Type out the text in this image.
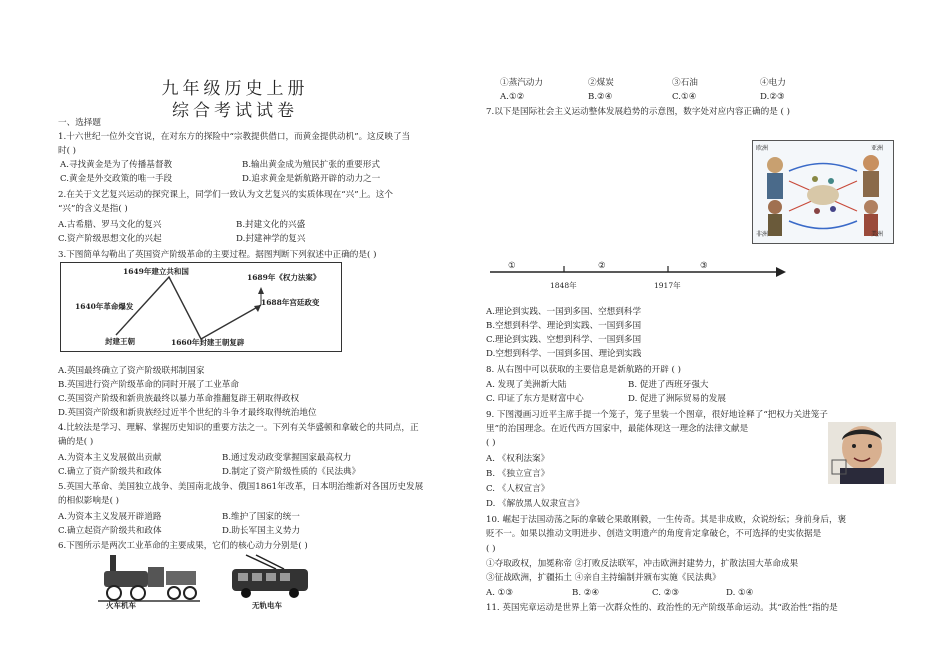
九年级历史上册
综合考试试卷
一、选择题
1.十六世纪一位外交官说，在对东方的探险中“宗教提供借口，而黄金提供动机”。这反映了当
时( )
A.寻找黄金是为了传播基督教	B.输出黄金成为殖民扩张的重要形式
C.黄金是外交政策的唯一手段	D.追求黄金是新航路开辟的动力之一
2.在关于文艺复兴运动的探究课上，同学们一致认为文艺复兴的实质体现在“兴”上。这个
“兴”的含义是指( )
A.古希腊、罗马文化的复兴	B.封建文化的兴盛
C.资产阶级思想文化的兴起	D.封建神学的复兴
3.下图简单勾勒出了英国资产阶级革命的主要过程。据图判断下列叙述中正确的是( )
1649年建立共和国
1689年《权力法案》
1640年革命爆发	1688年宫廷政变
封建王朝	1660年封建王朝复辟
A.英国最终确立了资产阶级联邦制国家
B.英国进行资产阶级革命的同时开展了工业革命
C.英国资产阶级和新贵族最终以暴力革命推翻复辟王朝取得政权
D.英国资产阶级和新贵族经过近半个世纪的斗争才最终取得统治地位
4.比较法是学习、理解、掌握历史知识的重要方法之一。下列有关华盛顿和拿破仑的共同点，正
确的是( )
A.为资本主义发展做出贡献	B.通过发动政变掌握国家最高权力
C.确立了资产阶级共和政体	D.制定了资产阶级性质的《民法典》
5.英国大革命、美国独立战争、美国南北战争、俄国1861年改革，日本明治维新对各国历史发展
的相似影响是( )
A.为资本主义发展开辟道路	B.维护了国家的统一
C.确立起资产阶级共和政体	D.助长军国主义势力
6.下图所示是两次工业革命的主要成果，它们的核心动力分别是( )
火车机车	无轨电车
①蒸汽动力	②煤炭	③石油	④电力
A.①②	B.②④	C.①④	D.②③
7.以下是国际社会主义运动整体发展趋势的示意图，数字处对应内容正确的是 ( )
欧洲	亚洲
非洲	美洲
①	②	③
1848年	1917年
A.理论到实践、一国到多国、空想到科学
B.空想到科学、理论到实践、一国到多国
C.理论到实践、空想到科学、一国到多国
D.空想到科学、一国到多国、理论到实践
8. 从右图中可以获取的主要信息是新航路的开辟 ( )
A. 发现了美洲新大陆	B. 促进了西班牙强大
C. 印证了东方是财富中心	D. 促进了洲际贸易的发展
9. 下图漫画习近平主席手提一个笼子，笼子里装一个图章，很好地诠释了“把权力关进笼子
里”的治国理念。在近代西方国家中，最能体现这一理念的法律文献是
( )
A. 《权利法案》
B. 《独立宣言》
C. 《人权宣言》
D. 《解放黑人奴隶宣言》
10. 崛起于法国动荡之际的拿破仑果敢刚毅，一生传奇。其是非成败，众说纷纭；身前身后，褒
贬不一。如果以推动文明进步、创造文明遗产的角度肯定拿破仑，不可选择的史实依据是
( )
①夺取政权，加冕称帝 ②打败反法联军，冲击欧洲封建势力，扩散法国大革命成果
③征战欧洲，扩疆拓土 ④亲自主持编制并颁布实施《民法典》
A. ①③	B. ②④	C. ②③	D. ①④
11. 英国宪章运动是世界上第一次群众性的、政治性的无产阶级革命运动。其“政治性”指的是
